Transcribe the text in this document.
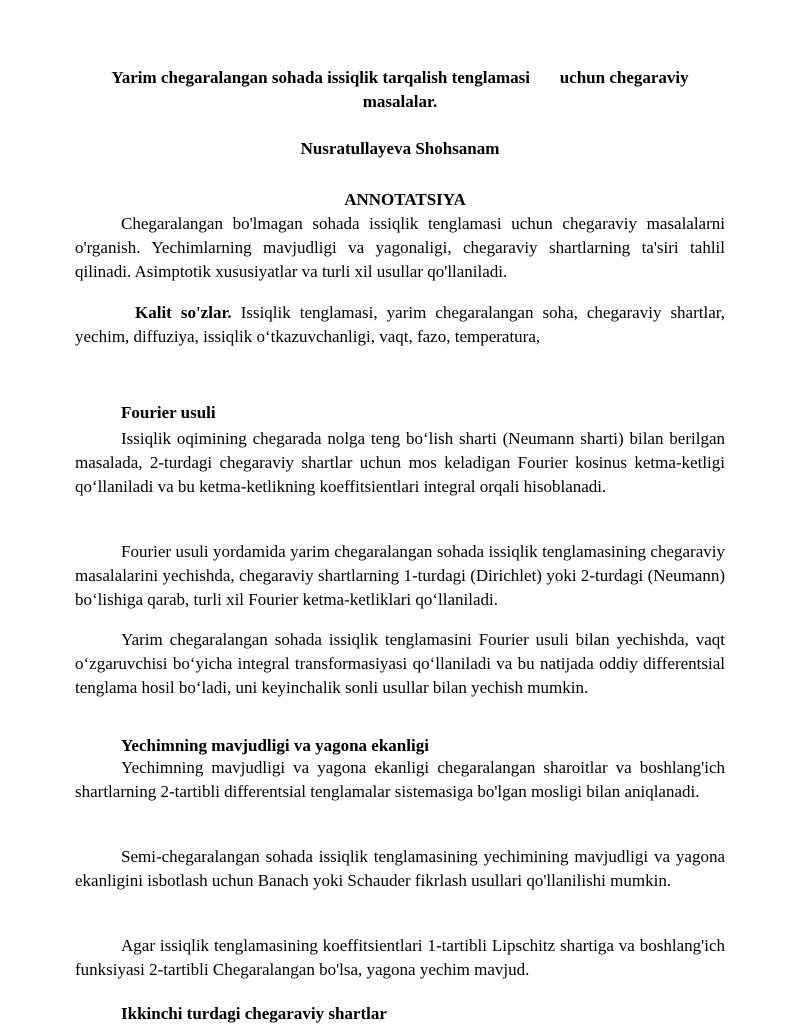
Yarim chegaralangan sohada issiqlik tarqalish tenglamasi       uchun chegaraviy masalalar.
Nusratullayeva Shohsanam
ANNOTATSIYA

Chegaralangan bo'lmagan sohada issiqlik tenglamasi uchun chegaraviy masalalarni o'rganish. Yechimlarning mavjudligi va yagonaligi, chegaraviy shartlarning ta'siri tahlil qilinadi. Asimptotik xususiyatlar va turli xil usullar qo'llaniladi.

Kalit so'zlar. Issiqlik tenglamasi, yarim chegaralangan soha, chegaraviy shartlar, yechim, diffuziya, issiqlik o‘tkazuvchanligi, vaqt, fazo, temperatura,

Fourier usuli

Issiqlik oqimining chegarada nolga teng bo‘lish sharti (Neumann sharti) bilan berilgan masalada, 2-turdagi chegaraviy shartlar uchun mos keladigan Fourier kosinus ketma-ketligi qo‘llaniladi va bu ketma-ketlikning koeffitsientlari integral orqali hisoblanadi.

Fourier usuli yordamida yarim chegaralangan sohada issiqlik tenglamasining chegaraviy masalalarini yechishda, chegaraviy shartlarning 1-turdagi (Dirichlet) yoki 2-turdagi (Neumann) bo‘lishiga qarab, turli xil Fourier ketma-ketliklari qo‘llaniladi.

Yarim chegaralangan sohada issiqlik tenglamasini Fourier usuli bilan yechishda, vaqt o‘zgaruvchisi bo‘yicha integral transformasiyasi qo‘llaniladi va bu natijada oddiy differentsial tenglama hosil bo‘ladi, uni keyinchalik sonli usullar bilan yechish mumkin.

Yechimning mavjudligi va yagona ekanligi

Yechimning mavjudligi va yagona ekanligi chegaralangan sharoitlar va boshlang'ich shartlarning 2-tartibli differentsial tenglamalar sistemasiga bo'lgan mosligi bilan aniqlanadi.

Semi-chegaralangan sohada issiqlik tenglamasining yechimining mavjudligi va yagona ekanligini isbotlash uchun Banach yoki Schauder fikrlash usullari qo'llanilishi mumkin.

Agar issiqlik tenglamasining koeffitsientlari 1-tartibli Lipschitz shartiga va boshlang'ich funksiyasi 2-tartibli Chegaralangan bo'lsa, yagona yechim mavjud.

Ikkinchi turdagi chegaraviy shartlar
